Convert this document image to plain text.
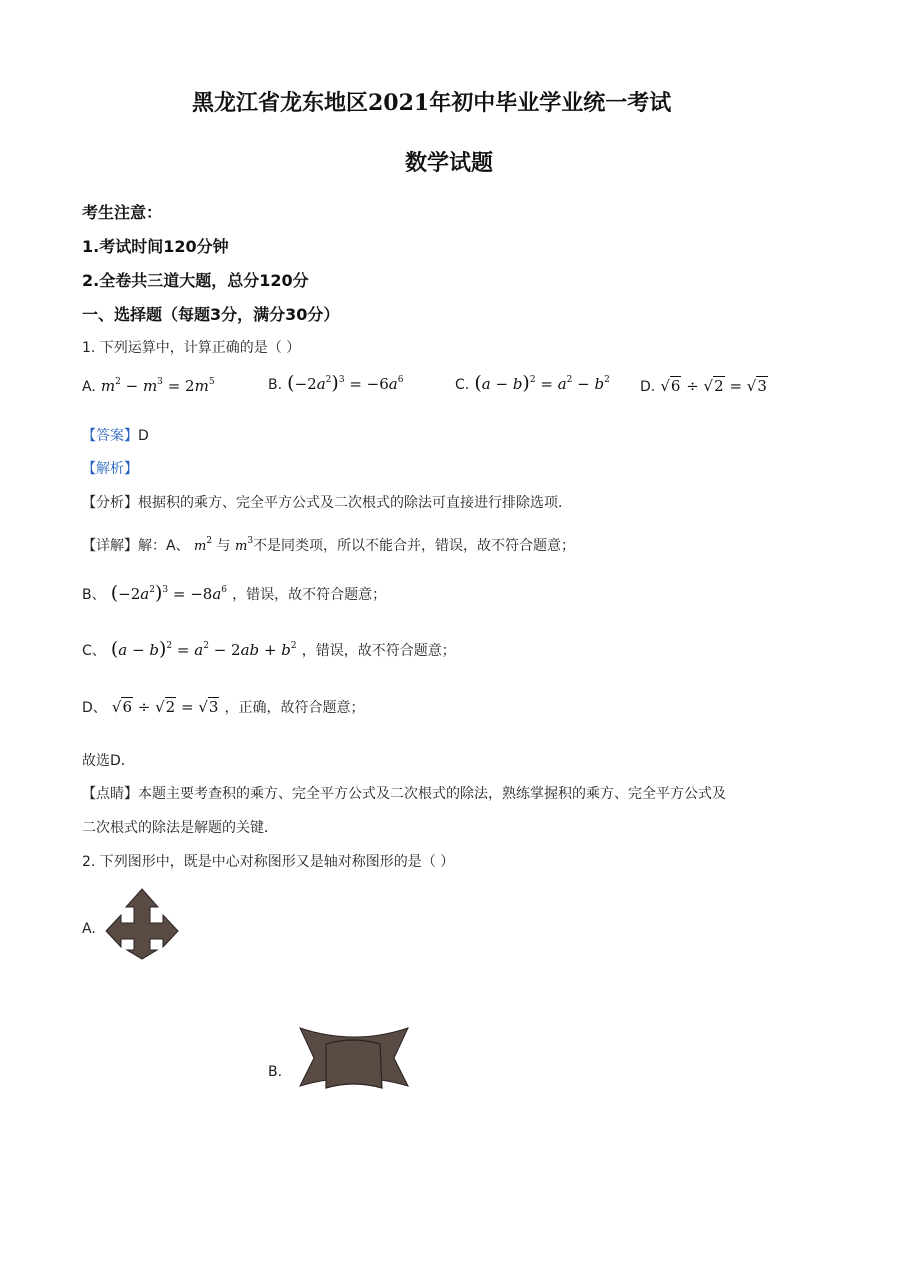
黑龙江省龙东地区2021年初中毕业学业统一考试
数学试题
考生注意：
1.考试时间120分钟
2.全卷共三道大题，总分120分
一、选择题（每题3分，满分30分）
1. 下列运算中，计算正确的是（ ）
A. $m^2 - m^3 = 2m^5$	B. $(-2a^2)^3 = -6a^6$	C. $(a - b)^2 = a^2 - b^2$ D. √6 ÷ √2 = √3
【答案】D
【解析】
【分析】根据积的乘方、完全平方公式及二次根式的除法可直接进行排除选项．
【详解】解：A、 $m^2$ 与 $m^3$不是同类项，所以不能合并，错误，故不符合题意；
B、 $(-2a^2)^3 = -8a^6$ ，错误，故不符合题意；
C、 $(a - b)^2 = a^2 - 2ab + b^2$ ，错误，故不符合题意；
D、 √6 ÷ √2 = √3 ，正确，故符合题意；
故选D．
【点睛】本题主要考查积的乘方、完全平方公式及二次根式的除法，熟练掌握积的乘方、完全平方公式及
二次根式的除法是解题的关键．
2. 下列图形中，既是中心对称图形又是轴对称图形的是（ ）
A.
B.
